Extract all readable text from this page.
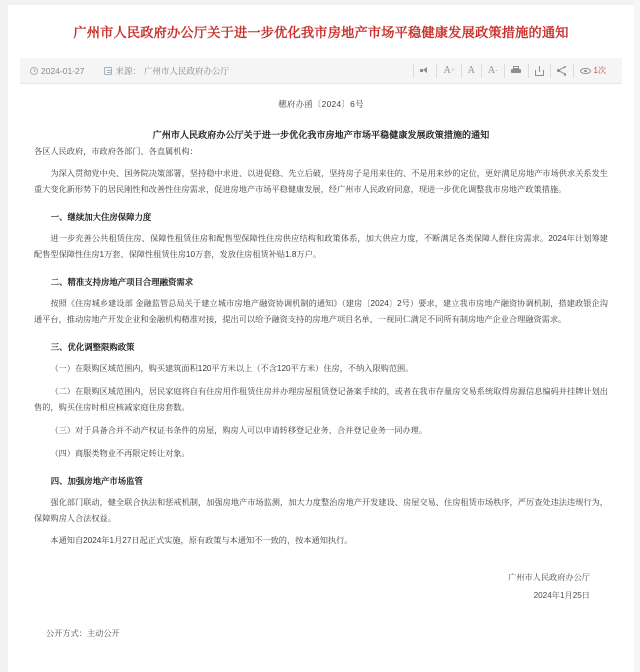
广州市人民政府办公厅关于进一步优化我市房地产市场平稳健康发展政策措施的通知
2024-01-27	来源： 广州市人民政府办公厅	A + A A -	1次
穗府办函〔2024〕6号
广州市人民政府办公厅关于进一步优化我市房地产市场平稳健康发展政策措施的通知

各区人民政府，市政府各部门、各直属机构：

为深入贯彻党中央、国务院决策部署，坚持稳中求进、以进促稳、先立后破，坚持房子是用来住的、不是用来炒的定位，更好满足房地产市场供求关系发生重大变化新形势下的居民刚性和改善性住房需求，促进房地产市场平稳健康发展，经广州市人民政府同意，现进一步优化调整我市房地产政策措施。

一、继续加大住房保障力度

进一步充善公共租赁住房、保障性租赁住房和配售型保障性住房供应结构和政策体系，加大供应力度，不断满足各类保障人群住房需求。2024年计划筹建配售型保障性住房1万套、保障性租赁住房10万套，发放住房租赁补贴1.8万户。

二、精准支持房地产项目合理融资需求

按照《住房城乡建设部 金融监管总局关于建立城市房地产融资协调机制的通知》（建房〔2024〕2号）要求，建立我市房地产融资协调机制，搭建政银企沟通平台，推动房地产开发企业和金融机构精准对接，提出可以给予融资支持的房地产项目名单，一视同仁满足不同所有制房地产企业合理融资需求。

三、优化调整限购政策

（一）在限购区域范围内，购买建筑面积120平方米以上（不含120平方米）住房，不纳入限购范围。

（二）在限购区域范围内，居民家庭将自有住房用作租赁住房并办理房屋租赁登记备案手续的，或者在我市存量房交易系统取得房源信息编码并挂牌计划出售的，购买住房时相应核减家庭住房套数。

（三）对于具备合并不动产权证书条件的房屋，购房人可以申请转移登记业务、合并登记业务一同办理。

（四）商服类物业不再限定转让对象。

四、加强房地产市场监管

强化部门联动，健全联合执法和惩戒机制，加强房地产市场监测，加大力度整治房地产开发建设、房屋交易、住房租赁市场秩序，严厉查处违法违规行为，保障购房人合法权益。

本通知自2024年1月27日起正式实施，原有政策与本通知不一致的，按本通知执行。

广州市人民政府办公厅
2024年1月25日
公开方式：主动公开
